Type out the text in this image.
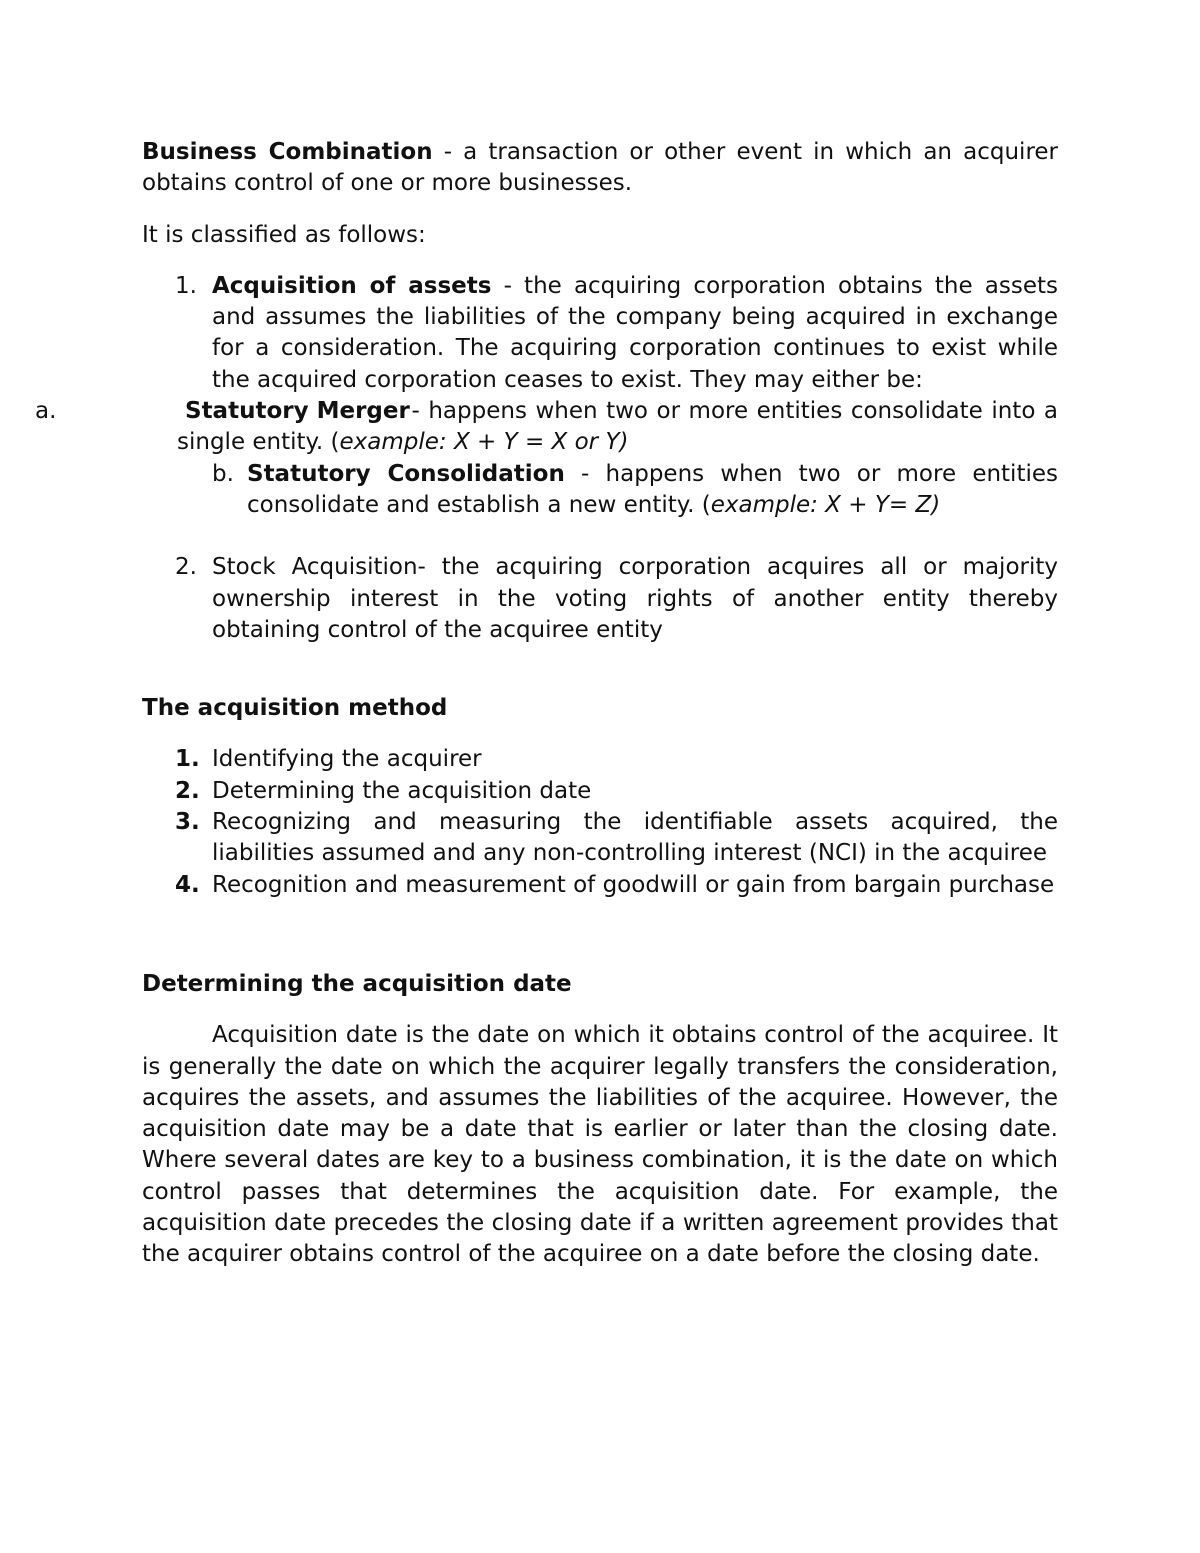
Business Combination - a transaction or other event in which an acquirer obtains control of one or more businesses.

It is classified as follows:

1. Acquisition of assets - the acquiring corporation obtains the assets and assumes the liabilities of the company being acquired in exchange for a consideration. The acquiring corporation continues to exist while the acquired corporation ceases to exist. They may either be:
a.	Statutory Merger
- happens when two or more entities consolidate into a single entity. (example: X + Y = X or Y)
b. Statutory Consolidation - happens when two or more entities consolidate and establish a new entity. (example: X + Y= Z)
2. Stock Acquisition- the acquiring corporation acquires all or majority ownership interest in the voting rights of another entity thereby obtaining control of the acquiree entity

The acquisition method

1. Identifying the acquirer
2. Determining the acquisition date
3. Recognizing and measuring the identifiable assets acquired, the liabilities assumed and any non-controlling interest (NCI) in the acquiree
4. Recognition and measurement of goodwill or gain from bargain purchase

Determining the acquisition date

Acquisition date is the date on which it obtains control of the acquiree. It is generally the date on which the acquirer legally transfers the consideration, acquires the assets, and assumes the liabilities of the acquiree. However, the acquisition date may be a date that is earlier or later than the closing date. Where several dates are key to a business combination, it is the date on which control passes that determines the acquisition date. For example, the acquisition date precedes the closing date if a written agreement provides that the acquirer obtains control of the acquiree on a date before the closing date.
